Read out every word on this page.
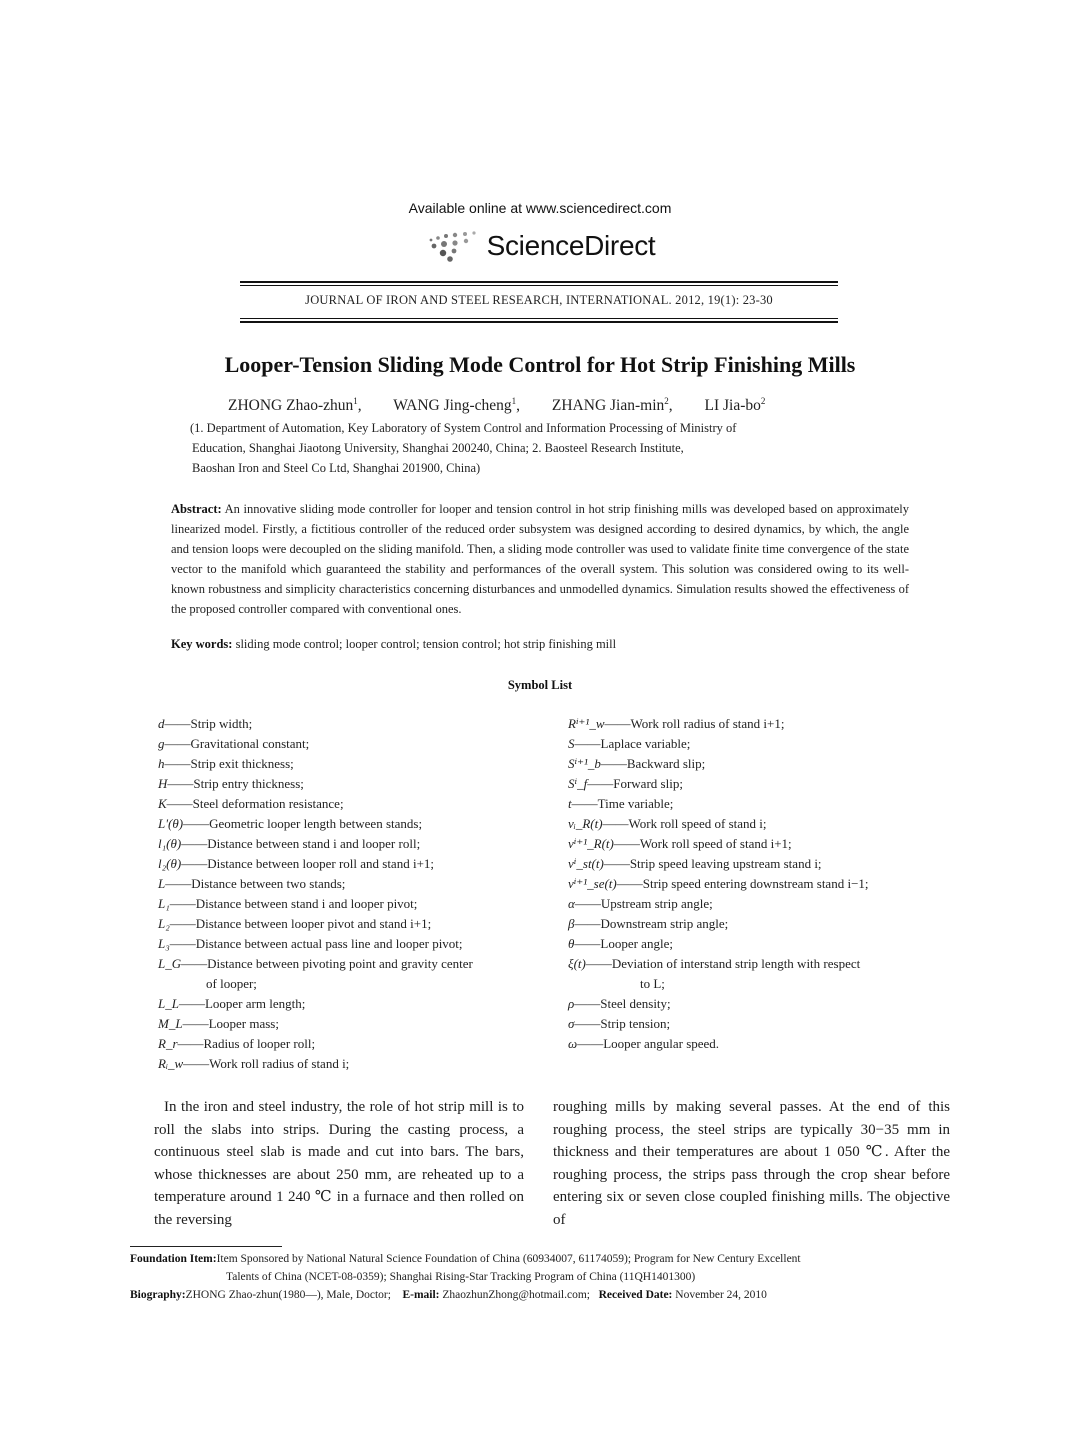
Available online at www.sciencedirect.com
ScienceDirect
JOURNAL OF IRON AND STEEL RESEARCH, INTERNATIONAL. 2012, 19(1): 23-30
Looper-Tension Sliding Mode Control for Hot Strip Finishing Mills
ZHONG Zhao-zhun$^1$, WANG Jing-cheng$^1$, ZHANG Jian-$\min^2$, LI Jia-$bo^2$
(1. Department of Automation, Key Laboratory of System Control and Information Processing of Ministry of
Education, Shanghai Jiaotong University, Shanghai 200240, China; 2. Baosteel Research Institute,
Baoshan Iron and Steel Co Ltd, Shanghai 201900, China)
Abstract: An innovative sliding mode controller for looper and tension control in hot strip finishing mills was developed based on approximately linearized model. Firstly, a fictitious controller of the reduced order subsystem was designed according to desired dynamics, by which, the angle and tension loops were decoupled on the sliding manifold. Then, a sliding mode controller was used to validate finite time convergence of the state vector to the manifold which guaranteed the stability and performances of the overall system. This solution was considered owing to its well-known robustness and simplicity characteristics concerning disturbances and unmodelled dynamics. Simulation results showed the effectiveness of the proposed controller compared with conventional ones.
Key words: sliding mode control; looper control; tension control; hot strip finishing mill
Symbol List
d——Strip width;
g——Gravitational constant;
h——Strip exit thickness;
H——Strip entry thickness;
K——Steel deformation resistance;
L'(θ)——Geometric looper length between stands;
l₁(θ)——Distance between stand i and looper roll;
l₂(θ)——Distance between looper roll and stand i+1;
L——Distance between two stands;
L₁——Distance between stand i and looper pivot;
L₂——Distance between looper pivot and stand i+1;
L₃——Distance between actual pass line and looper pivot;
L_G——Distance between pivoting point and gravity center
of looper;
L_L——Looper arm length;
M_L——Looper mass;
R_r——Radius of looper roll;
Rᵢ_w——Work roll radius of stand i;
Rⁱ⁺¹_w——Work roll radius of stand i+1;
S——Laplace variable;
Sⁱ⁺¹_b——Backward slip;
Sⁱ_f——Forward slip;
t——Time variable;
vᵢ_R(t)——Work roll speed of stand i;
vⁱ⁺¹_R(t)——Work roll speed of stand i+1;
vⁱ_st(t)——Strip speed leaving upstream stand i;
vⁱ⁺¹_se(t)——Strip speed entering downstream stand i−1;
α——Upstream strip angle;
β——Downstream strip angle;
θ——Looper angle;
ξ(t)——Deviation of interstand strip length with respect
to L;
ρ——Steel density;
σ——Strip tension;
ω——Looper angular speed.
In the iron and steel industry, the role of hot strip mill is to roll the slabs into strips. During the casting process, a continuous steel slab is made and cut into bars. The bars, whose thicknesses are about 250 mm, are reheated up to a temperature around 1 240 ℃ in a furnace and then rolled on the reversing
roughing mills by making several passes. At the end of this roughing process, the steel strips are typically 30−35 mm in thickness and their temperatures are about 1 050 ℃. After the roughing process, the strips pass through the crop shear before entering six or seven close coupled finishing mills. The objective of
Foundation Item:Item Sponsored by National Natural Science Foundation of China (60934007, 61174059); Program for New Century Excellent
Talents of China (NCET-08-0359); Shanghai Rising-Star Tracking Program of China (11QH1401300)
Biography:ZHONG Zhao-zhun(1980—), Male, Doctor; E-mail: ZhaozhunZhong@hotmail.com; Received Date: November 24, 2010
